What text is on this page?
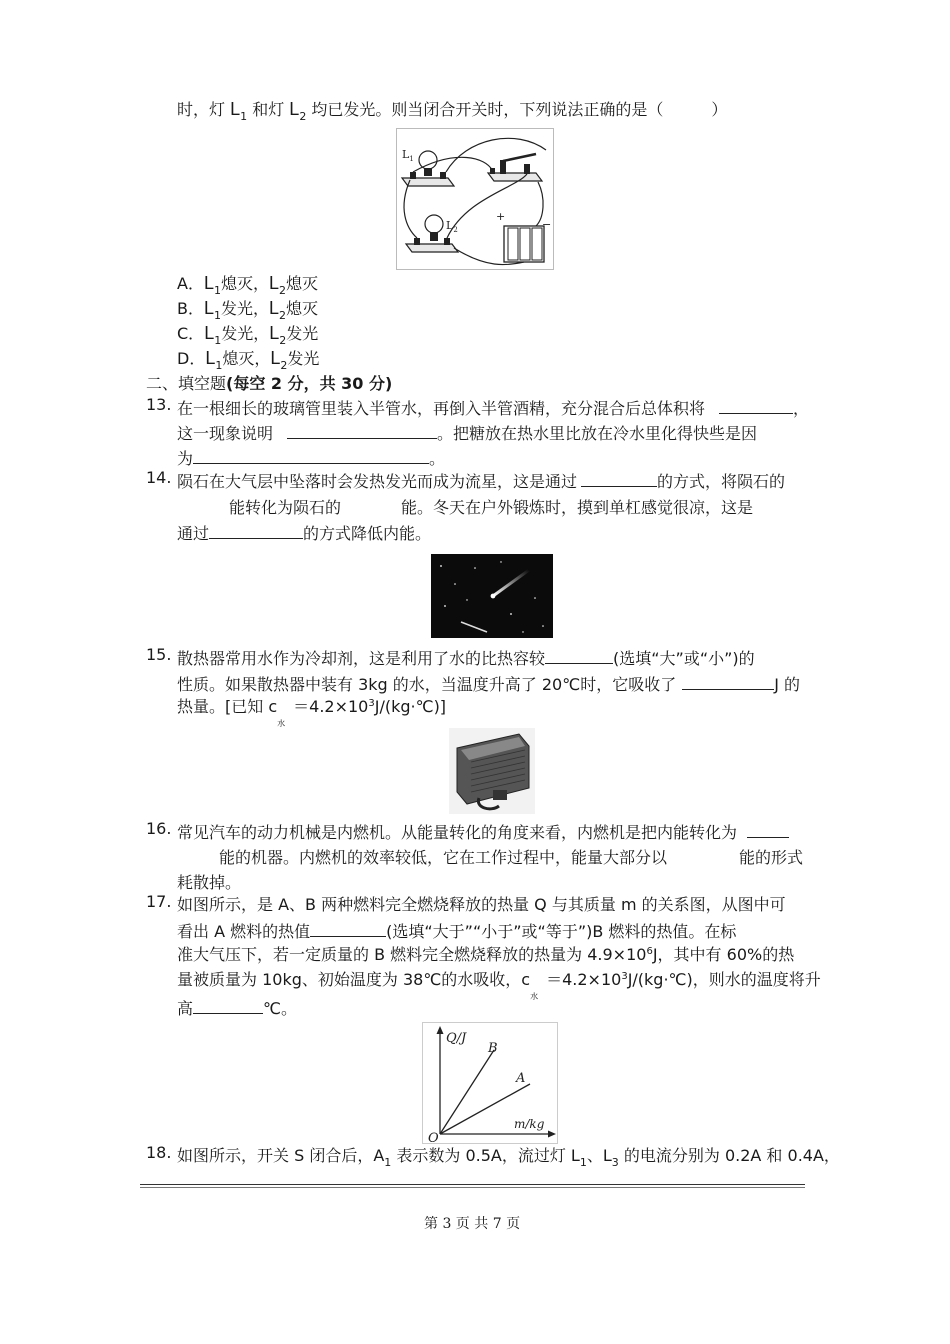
时，灯 $L_1$ 和灯 $L_2$ 均已发光。则当闭合开关时，下列说法正确的是（　　　）
$L_1$
$L_2$
+
−
A．$L_1$熄灭，$L_2$熄灭
B．$L_1$发光，$L_2$熄灭
C．$L_1$发光，$L_2$发光
D．$L_1$熄灭，$L_2$发光
二、填空题(每空 2 分，共 30 分)
13. 在一根细长的玻璃管里装入半管水，再倒入半管酒精，充分混合后总体积将	，
这一现象说明	。把糖放在热水里比放在冷水里化得快些是因
为	。
14. 陨石在大气层中坠落时会发热发光而成为流星，这是通过	的方式，将陨石的
能转化为陨石的	能。冬天在户外锻炼时，摸到单杠感觉很凉，这是
通过	的方式降低内能。
15. 散热器常用水作为冷却剂，这是利用了水的比热容较	(选填“大”或“小”)的
性质。如果散热器中装有 3kg 的水，当温度升高了 20℃时，它吸收了	J 的
热量。[已知 $c_水=4.2\times 10^3J/(kg\cdot℃)$]
16. 常见汽车的动力机械是内燃机。从能量转化的角度来看，内燃机是把内能转化为
能的机器。内燃机的效率较低，它在工作过程中，能量大部分以	能的形式
耗散掉。
17. 如图所示，是 A、B 两种燃料完全燃烧释放的热量 Q 与其质量 m 的关系图，从图中可
看出 A 燃料的热值	(选填“大于”“小于”或“等于”)B 燃料的热值。在标
准大气压下，若一定质量的 B 燃料完全燃烧释放的热量为 $4.9\times 10^6J$，其中有 60%的热
量被质量为 10kg、初始温度为 38℃的水吸收，$c_水=4.2\times 10^3J/(kg\cdot℃)$，则水的温度将升
高	℃。
Q/J
m/kg
O
B
A
18. 如图所示，开关 S 闭合后，$A_1$ 表示数为 0.5A，流过灯 $L_1$、$L_3$ 的电流分别为 0.2A 和 0.4A，
第 3 页 共 7 页
